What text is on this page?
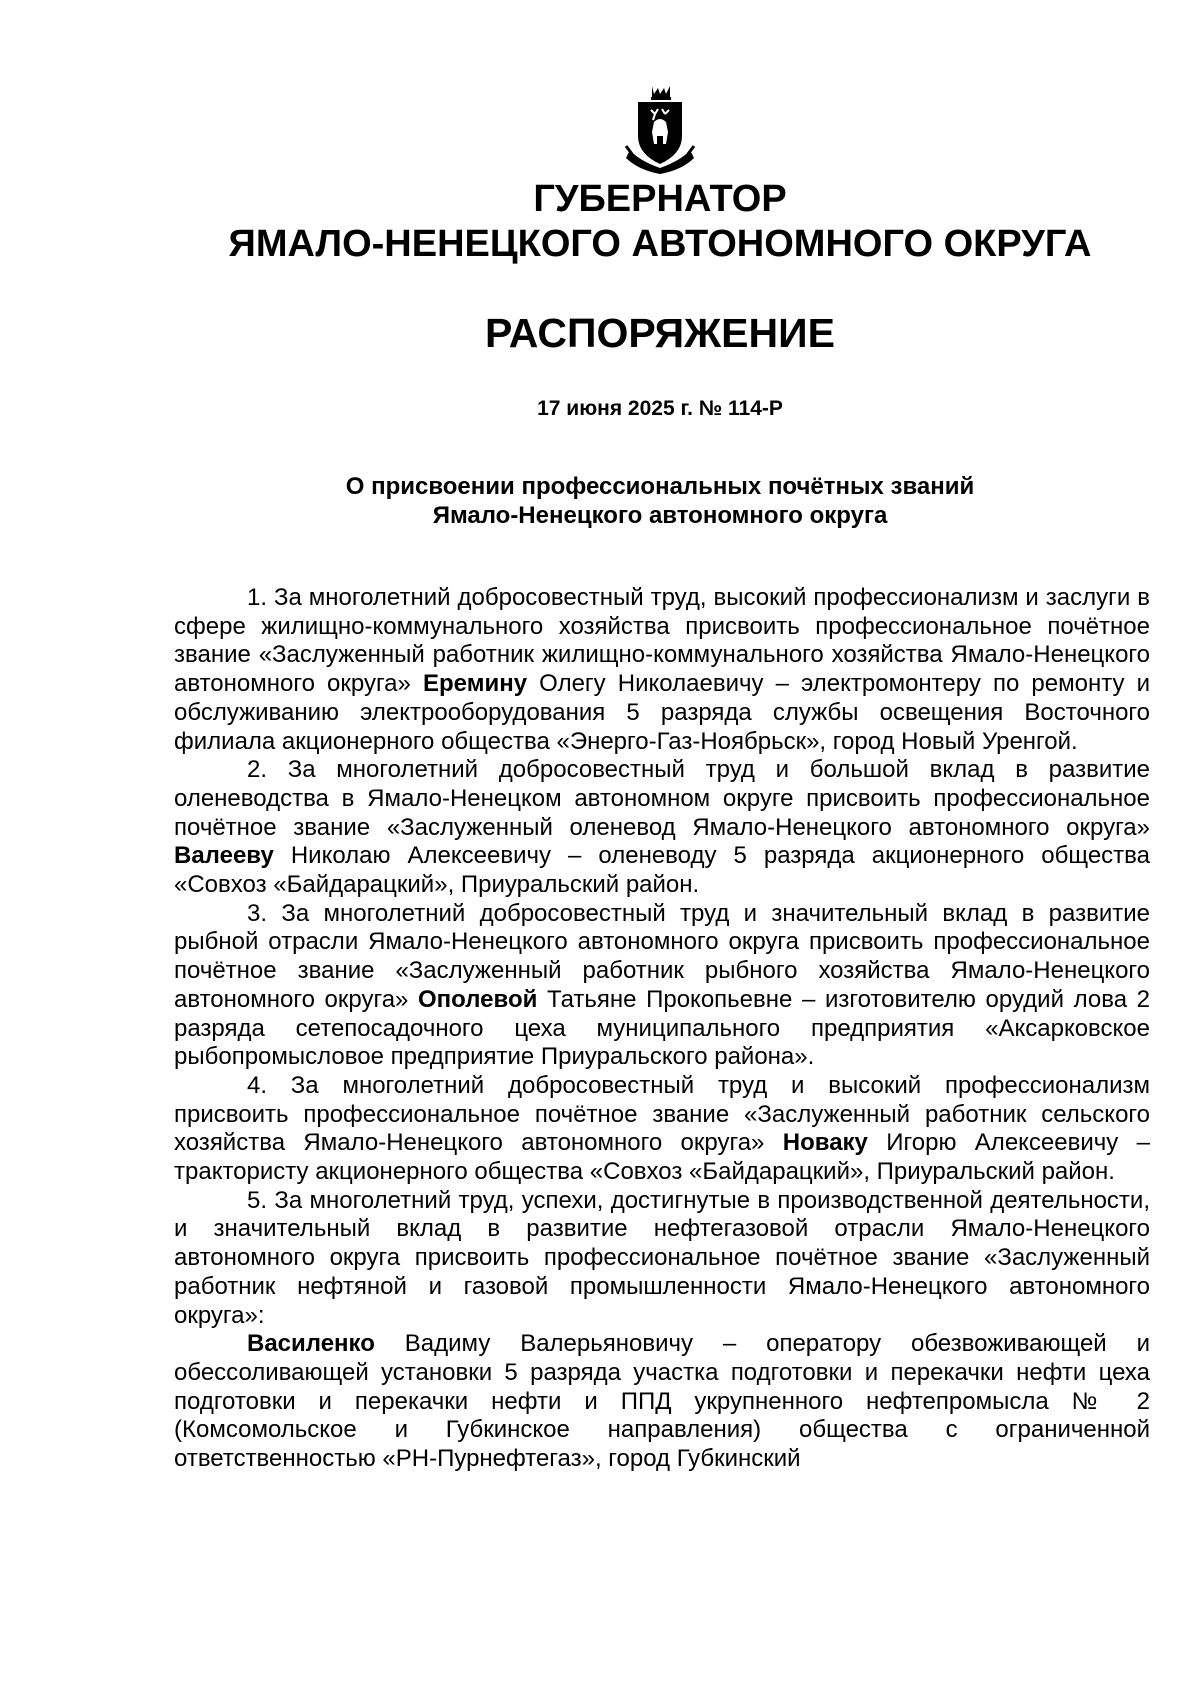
ГУБЕРНАТОР
ЯМАЛО-НЕНЕЦКОГО АВТОНОМНОГО ОКРУГА
РАСПОРЯЖЕНИЕ
17 июня 2025 г. № 114-Р
О присвоении профессиональных почётных званий
Ямало-Ненецкого автономного округа

1. За многолетний добросовестный труд, высокий профессионализм и заслуги в сфере жилищно-коммунального хозяйства присвоить профессиональное почётное звание «Заслуженный работник жилищно-коммунального хозяйства Ямало-Ненецкого автономного округа» Еремину Олегу Николаевичу – электромонтеру по ремонту и обслуживанию электрооборудования 5 разряда службы освещения Восточного филиала акционерного общества «Энерго-Газ-Ноябрьск», город Новый Уренгой.

2. За многолетний добросовестный труд и большой вклад в развитие оленеводства в Ямало-Ненецком автономном округе присвоить профессиональное почётное звание «Заслуженный оленевод Ямало-Ненецкого автономного округа» Валееву Николаю Алексеевичу – оленеводу 5 разряда акционерного общества «Совхоз «Байдарацкий», Приуральский район.

3. За многолетний добросовестный труд и значительный вклад в развитие рыбной отрасли Ямало-Ненецкого автономного округа присвоить профессиональное почётное звание «Заслуженный работник рыбного хозяйства Ямало-Ненецкого автономного округа» Ополевой Татьяне Прокопьевне – изготовителю орудий лова 2 разряда сетепосадочного цеха муниципального предприятия «Аксарковское рыбопромысловое предприятие Приуральского района».

4. За многолетний добросовестный труд и высокий профессионализм присвоить профессиональное почётное звание «Заслуженный работник сельского хозяйства Ямало-Ненецкого автономного округа» Новаку Игорю Алексеевичу – трактористу акционерного общества «Совхоз «Байдарацкий», Приуральский район.

5. За многолетний труд, успехи, достигнутые в производственной деятельности, и значительный вклад в развитие нефтегазовой отрасли Ямало-Ненецкого автономного округа присвоить профессиональное почётное звание «Заслуженный работник нефтяной и газовой промышленности Ямало-Ненецкого автономного округа»:

Василенко Вадиму Валерьяновичу – оператору обезвоживающей и обессоливающей установки 5 разряда участка подготовки и перекачки нефти цеха подготовки и перекачки нефти и ППД укрупненного нефтепромысла № 2 (Комсомольское и Губкинское направления) общества с ограниченной ответственностью «РН-Пурнефтегаз», город Губкинский
